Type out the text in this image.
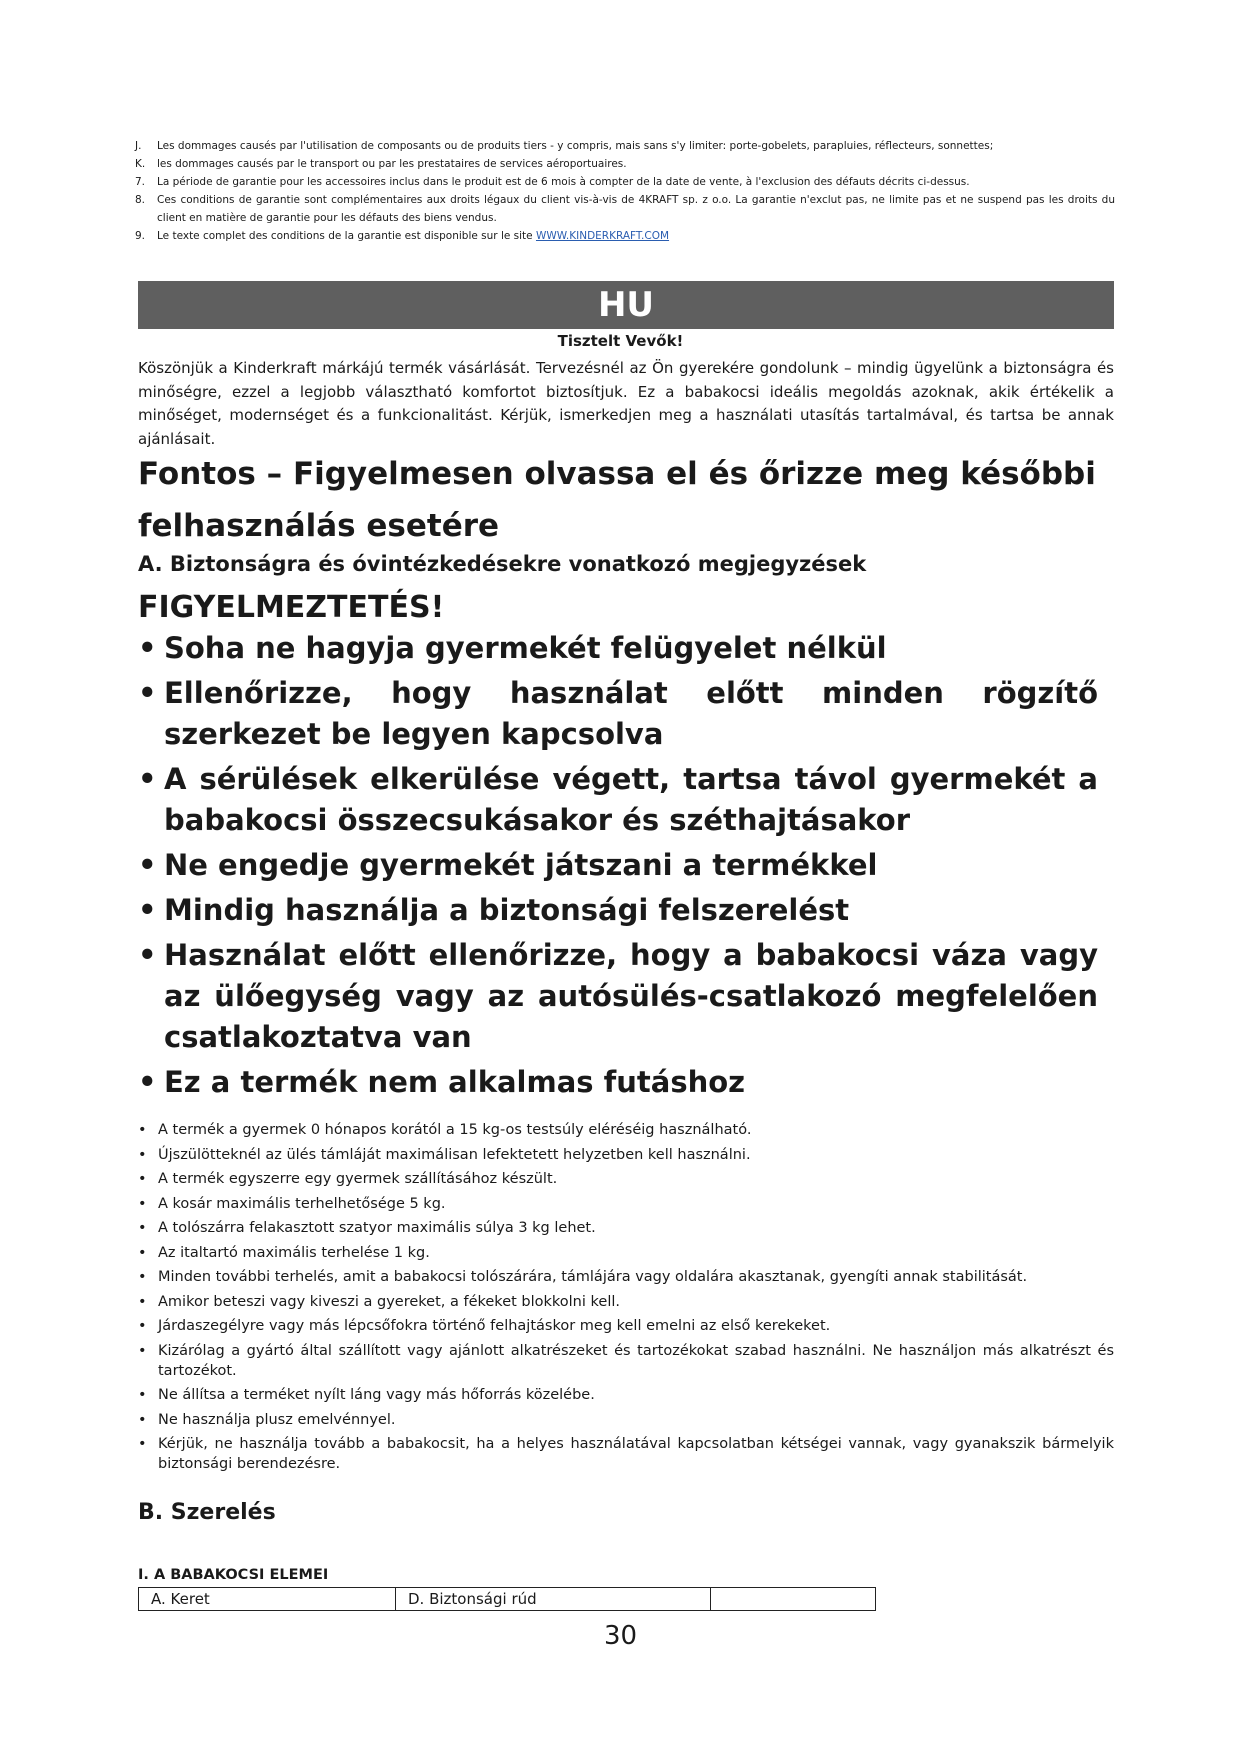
J.	Les dommages causés par l'utilisation de composants ou de produits tiers - y compris, mais sans s'y limiter: porte-gobelets, parapluies, réflecteurs, sonnettes;
K.	les dommages causés par le transport ou par les prestataires de services aéroportuaires.
7.	La période de garantie pour les accessoires inclus dans le produit est de 6 mois à compter de la date de vente, à l'exclusion des défauts décrits ci-dessus.
8.	Ces conditions de garantie sont complémentaires aux droits légaux du client vis-à-vis de 4KRAFT sp. z o.o. La garantie n'exclut pas, ne limite pas et ne suspend pas les droits du client en matière de garantie pour les défauts des biens vendus.
9.	Le texte complet des conditions de la garantie est disponible sur le site WWW.KINDERKRAFT.COM
HU
Tisztelt Vevők!

Köszönjük a Kinderkraft márkájú termék vásárlását. Tervezésnél az Ön gyerekére gondolunk – mindig ügyelünk a biztonságra és minőségre, ezzel a legjobb választható komfortot biztosítjuk. Ez a babakocsi ideális megoldás azoknak, akik értékelik a minőséget, modernséget és a funkcionalitást. Kérjük, ismerkedjen meg a használati utasítás tartalmával, és tartsa be annak ajánlásait.

Fontos – Figyelmesen olvassa el és őrizze meg későbbi felhasználás esetére
A. Biztonságra és óvintézkedésekre vonatkozó megjegyzések
FIGYELMEZTETÉS!
• Soha ne hagyja gyermekét felügyelet nélkül
• Ellenőrizze, hogy használat előtt minden rögzítő szerkezet be legyen kapcsolva
• A sérülések elkerülése végett, tartsa távol gyermekét a babakocsi összecsukásakor és széthajtásakor
• Ne engedje gyermekét játszani a termékkel
• Mindig használja a biztonsági felszerelést
• Használat előtt ellenőrizze, hogy a babakocsi váza vagy az ülőegység vagy az autósülés-csatlakozó megfelelően csatlakoztatva van
• Ez a termék nem alkalmas futáshoz
• A termék a gyermek 0 hónapos korától a 15 kg-os testsúly eléréséig használható.
• Újszülötteknél az ülés támláját maximálisan lefektetett helyzetben kell használni.
• A termék egyszerre egy gyermek szállításához készült.
• A kosár maximális terhelhetősége 5 kg.
• A tolószárra felakasztott szatyor maximális súlya 3 kg lehet.
• Az italtartó maximális terhelése 1 kg.
• Minden további terhelés, amit a babakocsi tolószárára, támlájára vagy oldalára akasztanak, gyengíti annak stabilitását.
• Amikor beteszi vagy kiveszi a gyereket, a fékeket blokkolni kell.
• Járdaszegélyre vagy más lépcsőfokra történő felhajtáskor meg kell emelni az első kerekeket.
• Kizárólag a gyártó által szállított vagy ajánlott alkatrészeket és tartozékokat szabad használni. Ne használjon más alkatrészt és tartozékot.
• Ne állítsa a terméket nyílt láng vagy más hőforrás közelébe.
• Ne használja plusz emelvénnyel.
• Kérjük, ne használja tovább a babakocsit, ha a helyes használatával kapcsolatban kétségei vannak, vagy gyanakszik bármelyik biztonsági berendezésre.
B. Szerelés
I. A BABAKOCSI ELEMEI
A. Keret	D. Biztonsági rúd	
30
